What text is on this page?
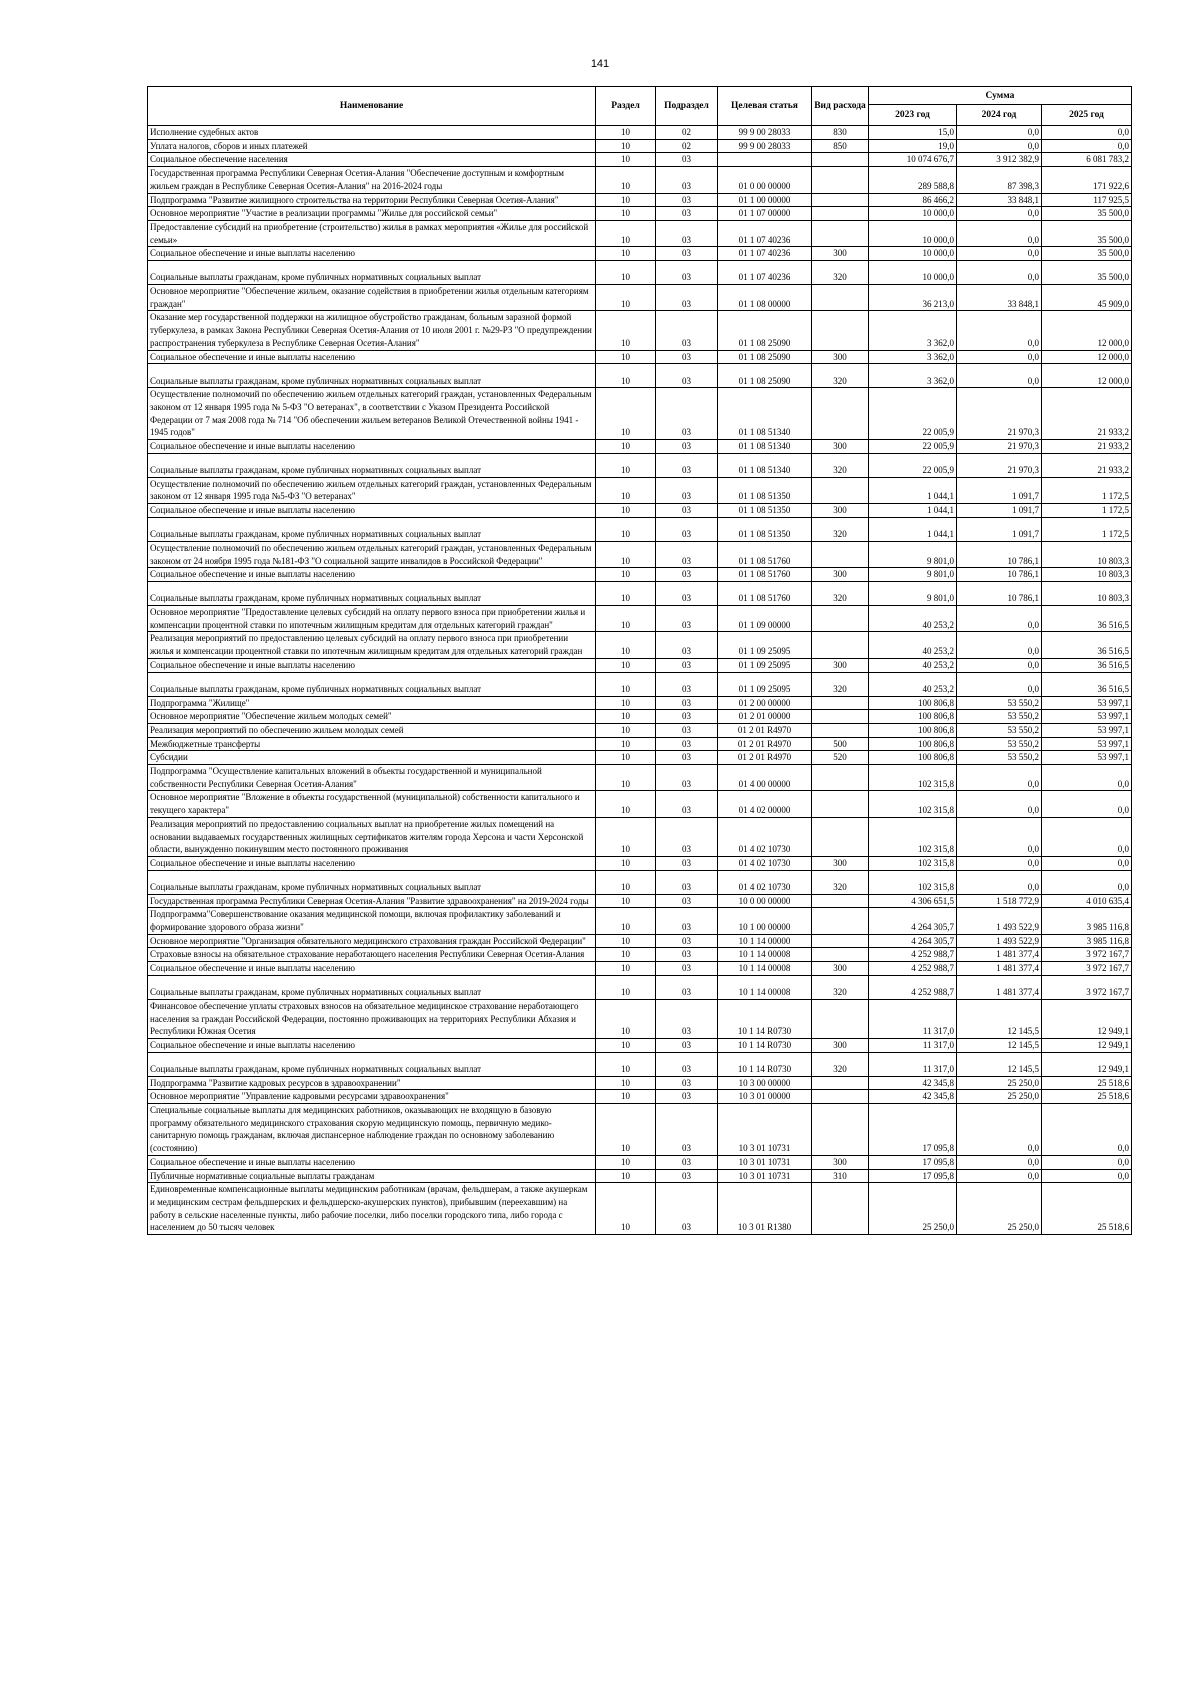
141
Наименование	Раздел	Подраздел	Целевая статья	Вид расхода	Сумма		
					2023 год	2024 год	2025 год
Исполнение судебных актов	10	02	99 9 00 28033	830	15,0	0,0	0,0
Уплата налогов, сборов и иных платежей	10	02	99 9 00 28033	850	19,0	0,0	0,0
Социальное обеспечение населения	10	03			10 074 676,7	3 912 382,9	6 081 783,2
Государственная программа Республики Северная Осетия-Алания "Обеспечение доступным и комфортным жильем граждан в Республике Северная Осетия-Алания" на 2016-2024 годы	10	03	01 0 00 00000		289 588,8	87 398,3	171 922,6
Подпрограмма "Развитие жилищного строительства на территории Республики Северная Осетия-Алания"	10	03	01 1 00 00000		86 466,2	33 848,1	117 925,5
Основное мероприятие "Участие в реализации программы "Жилье для российской семьи"	10	03	01 1 07 00000		10 000,0	0,0	35 500,0
Предоставление субсидий на приобретение (строительство) жилья в рамках мероприятия «Жилье для российской семьи»	10	03	01 1 07 40236		10 000,0	0,0	35 500,0
Социальное обеспечение и иные выплаты населению	10	03	01 1 07 40236	300	10 000,0	0,0	35 500,0
Социальные выплаты гражданам, кроме публичных нормативных социальных выплат	10	03	01 1 07 40236	320	10 000,0	0,0	35 500,0
Основное мероприятие "Обеспечение жильем, оказание содействия в приобретении жилья отдельным категориям граждан"	10	03	01 1 08 00000		36 213,0	33 848,1	45 909,0
Оказание мер государственной поддержки на жилищное обустройство гражданам, больным заразной формой туберкулеза, в рамках Закона Республики Северная Осетия-Алания от 10 июля 2001 г. №29-РЗ "О предупреждении распространения туберкулеза в Республике Северная Осетия-Алания"	10	03	01 1 08 25090		3 362,0	0,0	12 000,0
Социальное обеспечение и иные выплаты населению	10	03	01 1 08 25090	300	3 362,0	0,0	12 000,0
Социальные выплаты гражданам, кроме публичных нормативных социальных выплат	10	03	01 1 08 25090	320	3 362,0	0,0	12 000,0
Осуществление полномочий по обеспечению жильем отдельных категорий граждан, установленных Федеральным законом от 12 января 1995 года № 5-ФЗ "О ветеранах", в соответствии с Указом Президента Российской Федерации от 7 мая 2008 года № 714 "Об обеспечении жильем ветеранов Великой Отечественной войны 1941 - 1945 годов"	10	03	01 1 08 51340		22 005,9	21 970,3	21 933,2
Социальное обеспечение и иные выплаты населению	10	03	01 1 08 51340	300	22 005,9	21 970,3	21 933,2
Социальные выплаты гражданам, кроме публичных нормативных социальных выплат	10	03	01 1 08 51340	320	22 005,9	21 970,3	21 933,2
Осуществление полномочий по обеспечению жильем отдельных категорий граждан, установленных Федеральным законом от 12 января 1995 года №5-ФЗ "О ветеранах"	10	03	01 1 08 51350		1 044,1	1 091,7	1 172,5
Социальное обеспечение и иные выплаты населению	10	03	01 1 08 51350	300	1 044,1	1 091,7	1 172,5
Социальные выплаты гражданам, кроме публичных нормативных социальных выплат	10	03	01 1 08 51350	320	1 044,1	1 091,7	1 172,5
Осуществление полномочий по обеспечению жильем отдельных категорий граждан, установленных Федеральным законом от 24 ноября 1995 года №181-ФЗ "О социальной защите инвалидов в Российской Федерации"	10	03	01 1 08 51760		9 801,0	10 786,1	10 803,3
Социальное обеспечение и иные выплаты населению	10	03	01 1 08 51760	300	9 801,0	10 786,1	10 803,3
Социальные выплаты гражданам, кроме публичных нормативных социальных выплат	10	03	01 1 08 51760	320	9 801,0	10 786,1	10 803,3
Основное мероприятие "Предоставление целевых субсидий на оплату первого взноса при приобретении жилья и компенсации процентной ставки по ипотечным жилищным кредитам для отдельных категорий граждан"	10	03	01 1 09 00000		40 253,2	0,0	36 516,5
Реализация мероприятий по предоставлению целевых субсидий на оплату первого взноса при приобретении жилья и компенсации процентной ставки по ипотечным жилищным кредитам для отдельных категорий граждан	10	03	01 1 09 25095		40 253,2	0,0	36 516,5
Социальное обеспечение и иные выплаты населению	10	03	01 1 09 25095	300	40 253,2	0,0	36 516,5
Социальные выплаты гражданам, кроме публичных нормативных социальных выплат	10	03	01 1 09 25095	320	40 253,2	0,0	36 516,5
Подпрограмма "Жилище"	10	03	01 2 00 00000		100 806,8	53 550,2	53 997,1
Основное мероприятие "Обеспечение жильем молодых семей"	10	03	01 2 01 00000		100 806,8	53 550,2	53 997,1
Реализация мероприятий по обеспечению жильем молодых семей	10	03	01 2 01 R4970		100 806,8	53 550,2	53 997,1
Межбюджетные трансферты	10	03	01 2 01 R4970	500	100 806,8	53 550,2	53 997,1
Субсидии	10	03	01 2 01 R4970	520	100 806,8	53 550,2	53 997,1
Подпрограмма "Осуществление капитальных вложений в объекты государственной и муниципальной собственности Республики Северная Осетия-Алания"	10	03	01 4 00 00000		102 315,8	0,0	0,0
Основное мероприятие "Вложение в объекты государственной (муниципальной) собственности капитального и текущего характера"	10	03	01 4 02 00000		102 315,8	0,0	0,0
Реализация мероприятий по предоставлению социальных выплат на приобретение жилых помещений на основании выдаваемых государственных жилищных сертификатов жителям города Херсона и части Херсонской области, вынужденно покинувшим место постоянного проживания	10	03	01 4 02 10730		102 315,8	0,0	0,0
Социальное обеспечение и иные выплаты населению	10	03	01 4 02 10730	300	102 315,8	0,0	0,0
Социальные выплаты гражданам, кроме публичных нормативных социальных выплат	10	03	01 4 02 10730	320	102 315,8	0,0	0,0
Государственная программа Республики Северная Осетия-Алания "Развитие здравоохранения" на 2019-2024 годы	10	03	10 0 00 00000		4 306 651,5	1 518 772,9	4 010 635,4
Подпрограмма"Совершенствование оказания медицинской помощи, включая профилактику заболеваний и формирование здорового образа жизни"	10	03	10 1 00 00000		4 264 305,7	1 493 522,9	3 985 116,8
Основное мероприятие "Организация обязательного медицинского страхования граждан Российской Федерации"	10	03	10 1 14 00000		4 264 305,7	1 493 522,9	3 985 116,8
Страховые взносы на обязательное страхование неработающего населения Республики Северная Осетия-Алания	10	03	10 1 14 00008		4 252 988,7	1 481 377,4	3 972 167,7
Социальное обеспечение и иные выплаты населению	10	03	10 1 14 00008	300	4 252 988,7	1 481 377,4	3 972 167,7
Социальные выплаты гражданам, кроме публичных нормативных социальных выплат	10	03	10 1 14 00008	320	4 252 988,7	1 481 377,4	3 972 167,7
Финансовое обеспечение уплаты страховых взносов на обязательное медицинское страхование неработающего населения за граждан Российской Федерации, постоянно проживающих на территориях Республики Абхазия и Республики Южная Осетия	10	03	10 1 14 R0730		11 317,0	12 145,5	12 949,1
Социальное обеспечение и иные выплаты населению	10	03	10 1 14 R0730	300	11 317,0	12 145,5	12 949,1
Социальные выплаты гражданам, кроме публичных нормативных социальных выплат	10	03	10 1 14 R0730	320	11 317,0	12 145,5	12 949,1
Подпрограмма "Развитие кадровых ресурсов в здравоохранении"	10	03	10 3 00 00000		42 345,8	25 250,0	25 518,6
Основное мероприятие "Управление кадровыми ресурсами здравоохранения"	10	03	10 3 01 00000		42 345,8	25 250,0	25 518,6
Специальные социальные выплаты для медицинских работников, оказывающих не входящую в базовую программу обязательного медицинского страхования скорую медицинскую помощь, первичную медико-санитарную помощь гражданам, включая диспансерное наблюдение граждан по основному заболеванию (состоянию)	10	03	10 3 01 10731		17 095,8	0,0	0,0
Социальное обеспечение и иные выплаты населению	10	03	10 3 01 10731	300	17 095,8	0,0	0,0
Публичные нормативные социальные выплаты гражданам	10	03	10 3 01 10731	310	17 095,8	0,0	0,0
Единовременные компенсационные выплаты медицинским работникам (врачам, фельдшерам, а также акушеркам и медицинским сестрам фельдшерских и фельдшерско-акушерских пунктов), прибывшим (переехавшим) на работу в сельские населенные пункты, либо рабочие поселки, либо поселки городского типа, либо города с населением до 50 тысяч человек	10	03	10 3 01 R1380		25 250,0	25 250,0	25 518,6
